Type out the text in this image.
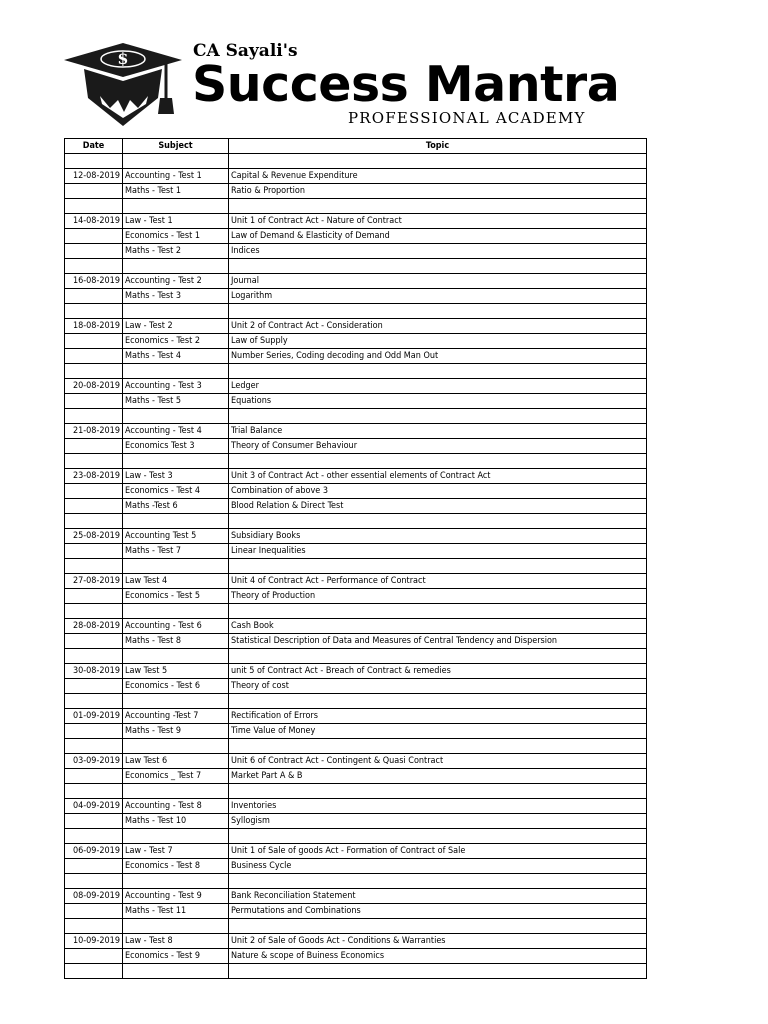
$	CA Sayali's
Success Mantra
PROFESSIONAL ACADEMY
Date	Subject	Topic

12-08-2019	Accounting - Test 1	Capital & Revenue Expenditure
	Maths - Test 1	Ratio & Proportion

14-08-2019	Law - Test 1	Unit 1 of Contract Act - Nature of Contract
	Economics - Test 1	Law of Demand & Elasticity of Demand
	Maths - Test 2	Indices

16-08-2019	Accounting - Test 2	Journal
	Maths - Test 3	Logarithm

18-08-2019	Law - Test 2	Unit 2 of Contract Act - Consideration
	Economics - Test 2	Law of Supply
	Maths - Test 4	Number Series, Coding decoding and Odd Man Out

20-08-2019	Accounting - Test 3	Ledger
	Maths - Test 5	Equations

21-08-2019	Accounting - Test 4	Trial Balance
	Economics Test 3	Theory of Consumer Behaviour

23-08-2019	Law - Test 3	Unit 3 of Contract Act - other essential elements of Contract Act
	Economics - Test 4	Combination of above 3
	Maths -Test 6	Blood Relation & Direct Test

25-08-2019	Accounting Test 5	Subsidiary Books
	Maths - Test 7	Linear Inequalities

27-08-2019	Law Test 4	Unit 4 of Contract Act - Performance of Contract
	Economics - Test 5	Theory of Production

28-08-2019	Accounting - Test 6	Cash Book
	Maths - Test 8	Statistical Description of Data and Measures of Central Tendency and Dispersion

30-08-2019	Law Test 5	unit 5 of Contract Act - Breach of Contract & remedies
	Economics - Test 6	Theory of cost

01-09-2019	Accounting -Test 7	Rectification of Errors
	Maths - Test 9	Time Value of Money

03-09-2019	Law Test 6	Unit 6 of Contract Act - Contingent & Quasi Contract
	Economics _ Test 7	Market Part A & B

04-09-2019	Accounting - Test 8	Inventories
	Maths - Test 10	Syllogism

06-09-2019	Law - Test 7	Unit 1 of Sale of goods Act - Formation of Contract of Sale
	Economics - Test 8	Business Cycle

08-09-2019	Accounting - Test 9	Bank Reconciliation Statement
	Maths - Test 11	Permutations and Combinations

10-09-2019	Law - Test 8	Unit 2 of Sale of Goods Act - Conditions & Warranties
	Economics - Test 9	Nature & scope of Buiness Economics
